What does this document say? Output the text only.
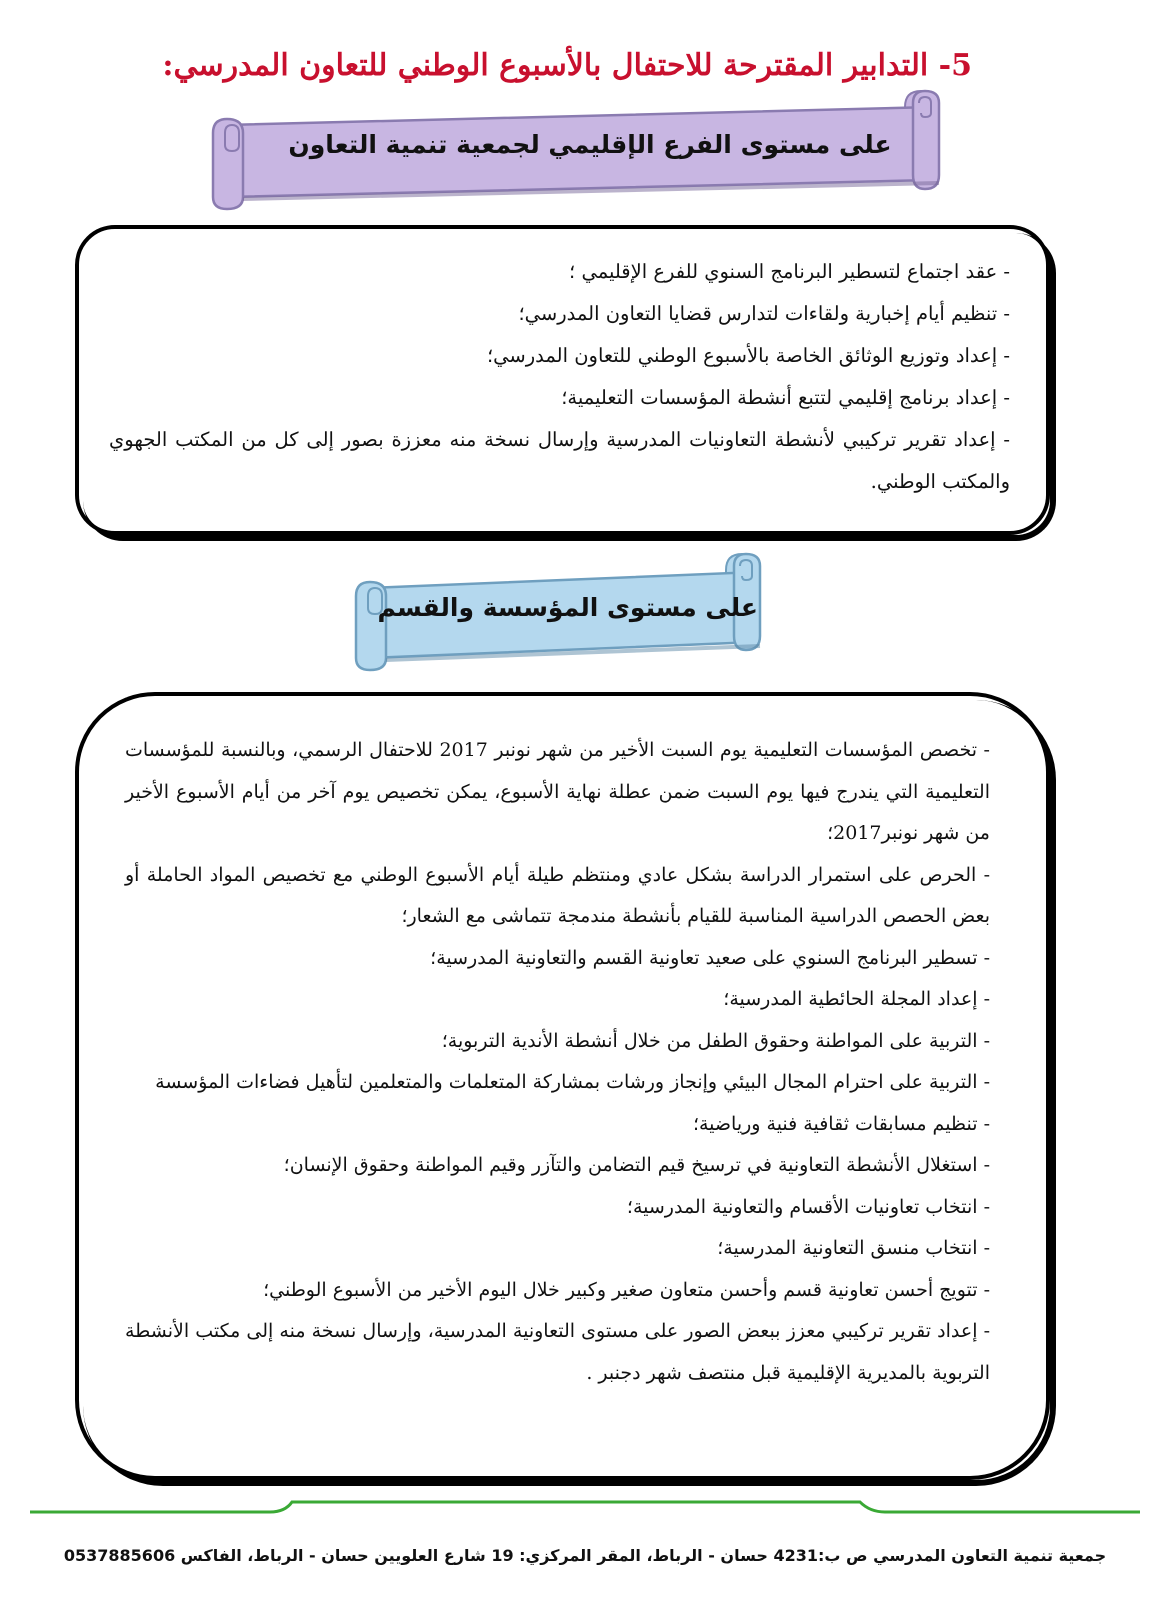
5- التدابير المقترحة للاحتفال بالأسبوع الوطني للتعاون المدرسي:
على مستوى الفرع الإقليمي لجمعية تنمية التعاون
- عقد اجتماع لتسطير البرنامج السنوي للفرع الإقليمي ؛
- تنظيم أيام إخبارية ولقاءات لتدارس قضايا التعاون المدرسي؛
- إعداد وتوزيع الوثائق الخاصة بالأسبوع الوطني للتعاون المدرسي؛
- إعداد برنامج إقليمي لتتبع أنشطة المؤسسات التعليمية؛
- إعداد تقرير تركيبي لأنشطة التعاونيات المدرسية وإرسال نسخة منه معززة بصور إلى كل من المكتب الجهوي والمكتب الوطني.
على مستوى المؤسسة والقسم
- تخصص المؤسسات التعليمية يوم السبت الأخير من شهر نونبر 2017 للاحتفال الرسمي، وبالنسبة للمؤسسات التعليمية التي يندرج فيها يوم السبت ضمن عطلة نهاية الأسبوع، يمكن تخصيص يوم آخر من أيام الأسبوع الأخير من شهر نونبر2017؛
- الحرص على استمرار الدراسة بشكل عادي ومنتظم طيلة أيام الأسبوع الوطني مع تخصيص المواد الحاملة أو بعض الحصص الدراسية المناسبة للقيام بأنشطة مندمجة تتماشى مع الشعار؛
- تسطير البرنامج السنوي على صعيد تعاونية القسم والتعاونية المدرسية؛
- إعداد المجلة الحائطية المدرسية؛
- التربية على المواطنة وحقوق الطفل من خلال أنشطة الأندية التربوية؛
- التربية على احترام المجال البيئي وإنجاز ورشات بمشاركة المتعلمات والمتعلمين لتأهيل فضاءات المؤسسة
- تنظيم مسابقات ثقافية فنية ورياضية؛
- استغلال الأنشطة التعاونية في ترسيخ قيم التضامن والتآزر وقيم المواطنة وحقوق الإنسان؛
- انتخاب تعاونيات الأقسام والتعاونية المدرسية؛
- انتخاب منسق التعاونية المدرسية؛
- تتويج أحسن تعاونية قسم وأحسن متعاون صغير وكبير خلال اليوم الأخير من الأسبوع الوطني؛
- إعداد تقرير تركيبي معزز ببعض الصور على مستوى التعاونية المدرسية، وإرسال نسخة منه إلى مكتب الأنشطة التربوية بالمديرية الإقليمية قبل منتصف شهر دجنبر .
جمعية تنمية التعاون المدرسي ص ب:4231 حسان - الرباط، المقر المركزي: 19 شارع العلويين حسان - الرباط، الفاكس 0537885606
